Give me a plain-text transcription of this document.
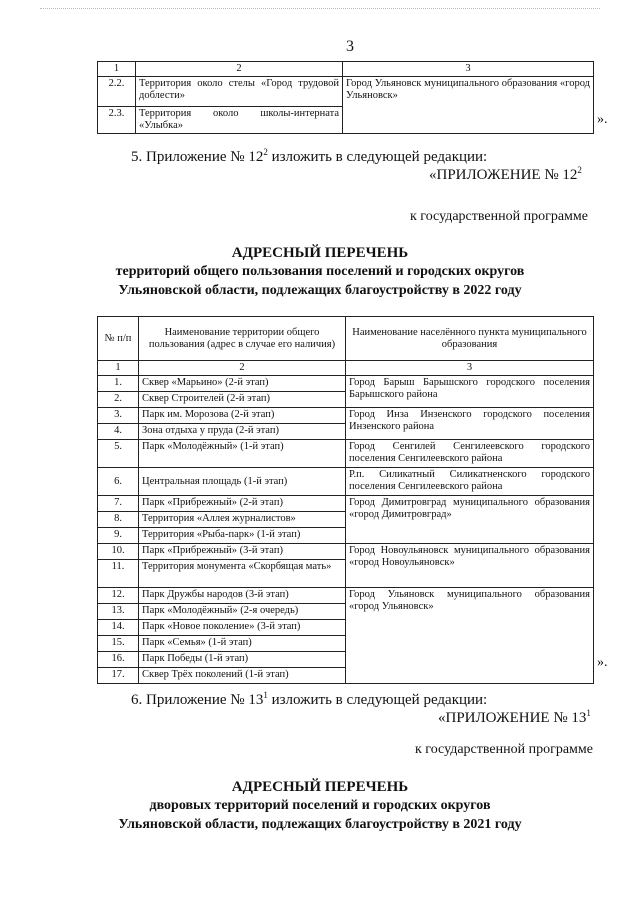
3
1	2	3
2.2.	Территория около стелы «Город трудовой доблести»	Город Ульяновск муниципального образования «город Ульяновск»
2.3.	Территория около школы-интерната «Улыбка»		».
5. Приложение № $12^2$ изложить в следующей редакции:
«ПРИЛОЖЕНИЕ № $12^2$
к государственной программе
АДРЕСНЫЙ ПЕРЕЧЕНЬ
территорий общего пользования поселений и городских округов
Ульяновской области, подлежащих благоустройству в 2022 году
№ п/п	Наименование территории общего пользования (адрес в случае его наличия)	Наименование населённого пункта муниципального образования
1	2	3
1.	Сквер «Марьино» (2-й этап)	Город Барыш Барышского городского поселения Барышского района
2.	Сквер Строителей (2-й этап)	
3.	Парк им. Морозова (2-й этап)	Город Инза Инзенского городского поселения Инзенского района
4.	Зона отдыха у пруда (2-й этап)	
5.	Парк «Молодёжный» (1-й этап)	Город Сенгилей Сенгилеевского городского поселения Сенгилеевского района
6.	Центральная площадь (1-й этап)	Р.п. Силикатный Силикатненского городского поселения Сенгилеевского района
7.	Парк «Прибрежный» (2-й этап)	Город Димитровград муниципального образования «город Димитровград»
8.	Территория «Аллея журналистов»	
9.	Территория «Рыба-парк» (1-й этап)	
10.	Парк «Прибрежный» (3-й этап)	Город Новоульяновск муниципального образования «город Новоульяновск»
11.	Территория монумента «Скорбящая мать»	
12.	Парк Дружбы народов (3-й этап)	Город Ульяновск муниципального образования «город Ульяновск»
13.	Парк «Молодёжный» (2-я очередь)	
14.	Парк «Новое поколение» (3-й этап)	
15.	Парк «Семья» (1-й этап)	
16.	Парк Победы (1-й этап)	
17.	Сквер Трёх поколений (1-й этап)	
».
6. Приложение № $13^1$ изложить в следующей редакции:
«ПРИЛОЖЕНИЕ № $13^1$
к государственной программе
АДРЕСНЫЙ ПЕРЕЧЕНЬ
дворовых территорий поселений и городских округов
Ульяновской области, подлежащих благоустройству в 2021 году
